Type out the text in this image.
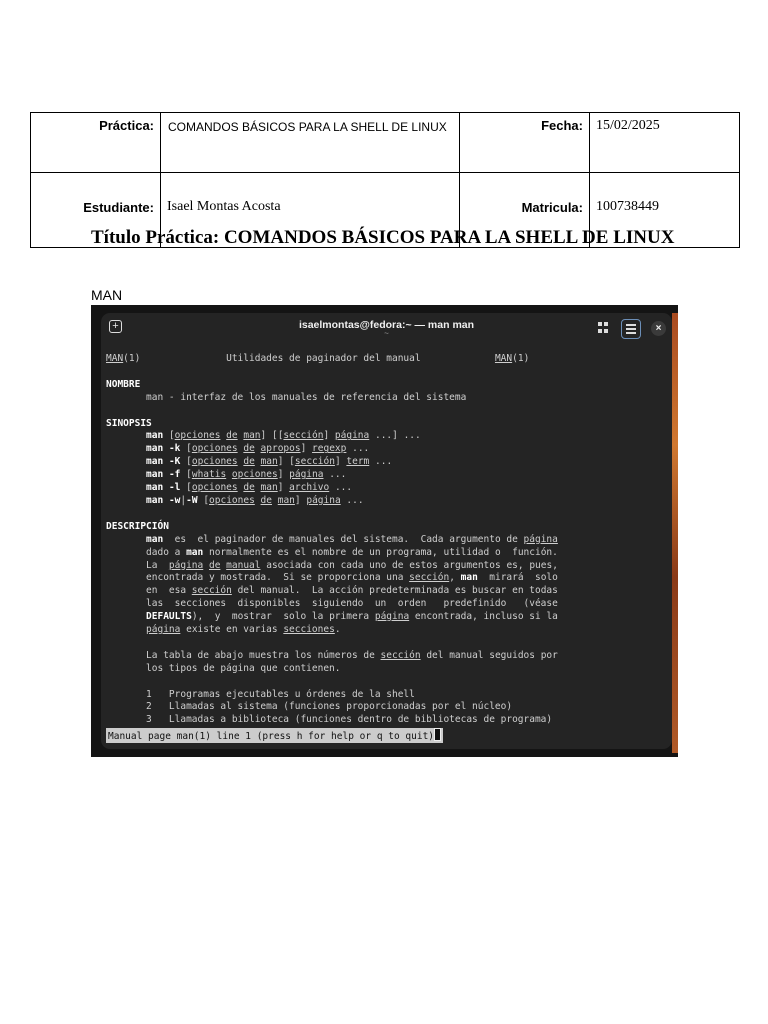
Práctica:	COMANDOS BÁSICOS PARA LA SHELL DE LINUX	Fecha:	15/02/2025
Estudiante:	Isael Montas Acosta	Matricula:	100738449
Título Práctica: COMANDOS BÁSICOS PARA LA SHELL DE LINUX
MAN
+	isaelmontas@fedora:~ — man man
~	×
MAN(1)               Utilidades de paginador del manual             MAN(1)

NOMBRE
man - interfaz de los manuales de referencia del sistema

SINOPSIS
man [opciones de man] [[sección] página ...] ...
man -k [opciones de apropos] regexp ...
man -K [opciones de man] [sección] term ...
man -f [whatis opciones] página ...
man -l [opciones de man] archivo ...
man -w|-W [opciones de man] página ...

DESCRIPCIÓN
man  es  el paginador de manuales del sistema.  Cada argumento de página
dado a man normalmente es el nombre de un programa, utilidad o  función.
La  página de manual asociada con cada uno de estos argumentos es, pues,
encontrada y mostrada.  Si se proporciona una sección, man  mirará  solo
en  esa sección del manual.  La acción predeterminada es buscar en todas
las  secciones  disponibles  siguiendo  un  orden   predefinido   (véase
DEFAULTS),  y  mostrar  solo la primera página encontrada, incluso si la
página existe en varias secciones.

La tabla de abajo muestra los números de sección del manual seguidos por
los tipos de página que contienen.

1   Programas ejecutables u órdenes de la shell
2   Llamadas al sistema (funciones proporcionadas por el núcleo)
3   Llamadas a biblioteca (funciones dentro de bibliotecas de programa)
Manual page man(1) line 1 (press h for help or q to quit)
